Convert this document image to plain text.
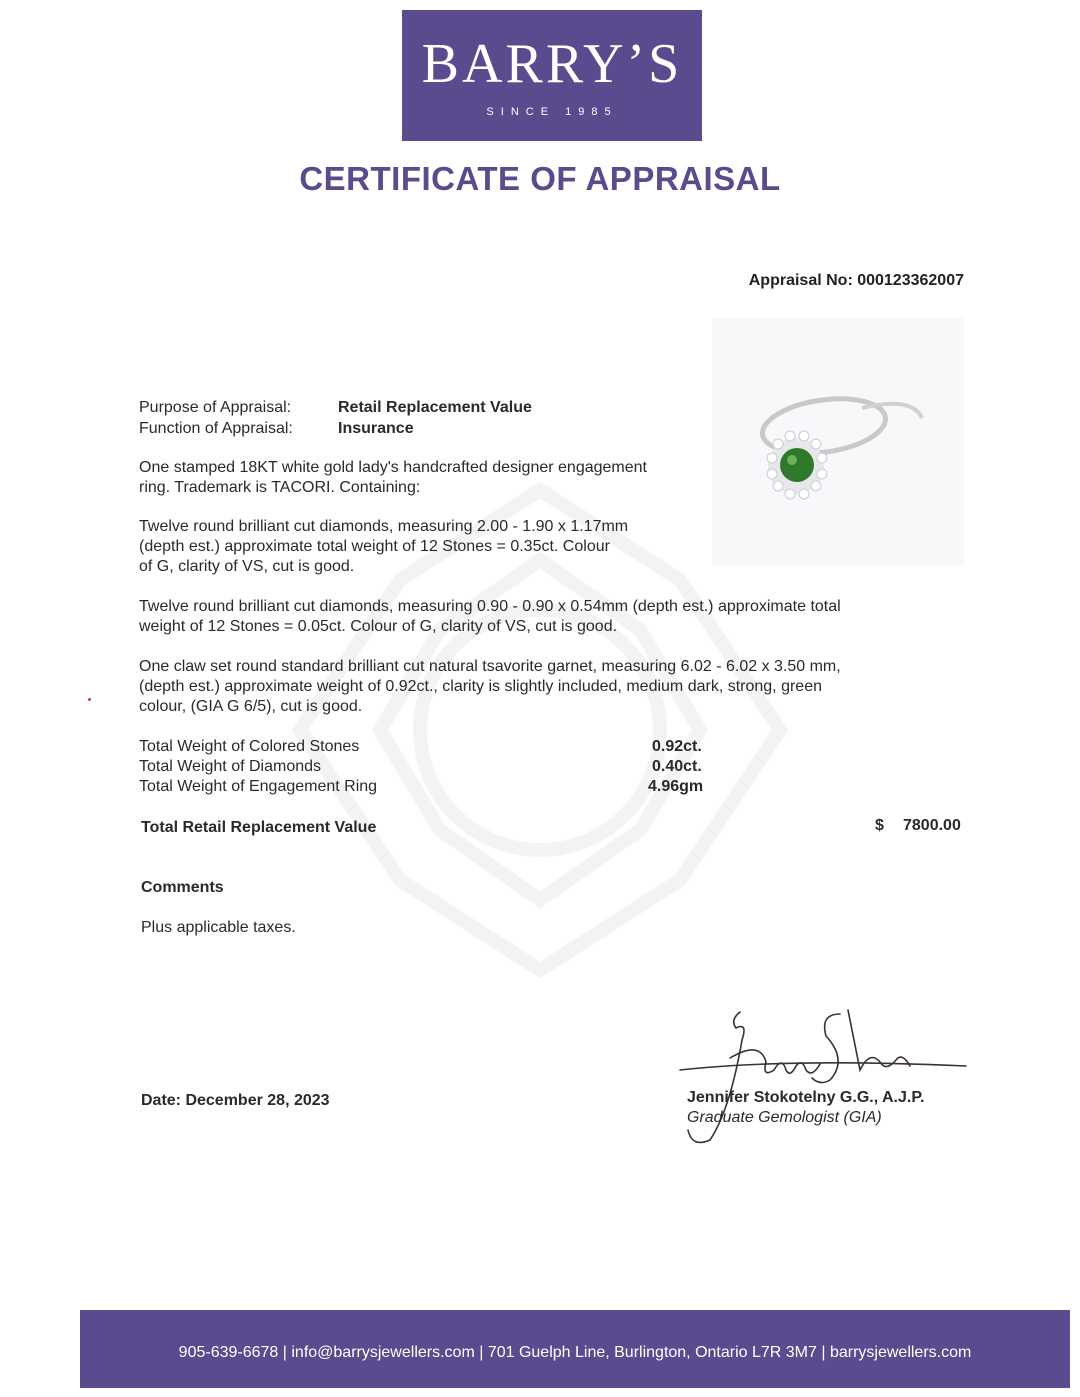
BARRY’S
SINCE 1985
CERTIFICATE OF APPRAISAL
Appraisal No: 000123362007
Purpose of Appraisal:	Retail Replacement Value
Function of Appraisal:	Insurance
One stamped 18KT white gold lady's handcrafted designer engagement
ring. Trademark is TACORI. Containing:
Twelve round brilliant cut diamonds, measuring 2.00 - 1.90 x 1.17mm
(depth est.) approximate total weight of 12 Stones = 0.35ct. Colour
of G, clarity of VS, cut is good.
Twelve round brilliant cut diamonds, measuring 0.90 - 0.90 x 0.54mm (depth est.) approximate total
weight of 12 Stones = 0.05ct. Colour of G, clarity of VS, cut is good.
One claw set round standard brilliant cut natural tsavorite garnet, measuring 6.02 - 6.02 x 3.50 mm,
(depth est.) approximate weight of 0.92ct., clarity is slightly included, medium dark, strong, green
colour, (GIA G 6/5), cut is good.
Total Weight of Colored Stones	0.92ct.
Total Weight of Diamonds	0.40ct.
Total Weight of Engagement Ring	4.96gm
Total Retail Replacement Value	$ 7800.00
Comments
Plus applicable taxes.
Date: December 28, 2023	Jennifer Stokotelny G.G., A.J.P.
Graduate Gemologist (GIA)
905-639-6678 | info@barrysjewellers.com | 701 Guelph Line, Burlington, Ontario L7R 3M7 | barrysjewellers.com
